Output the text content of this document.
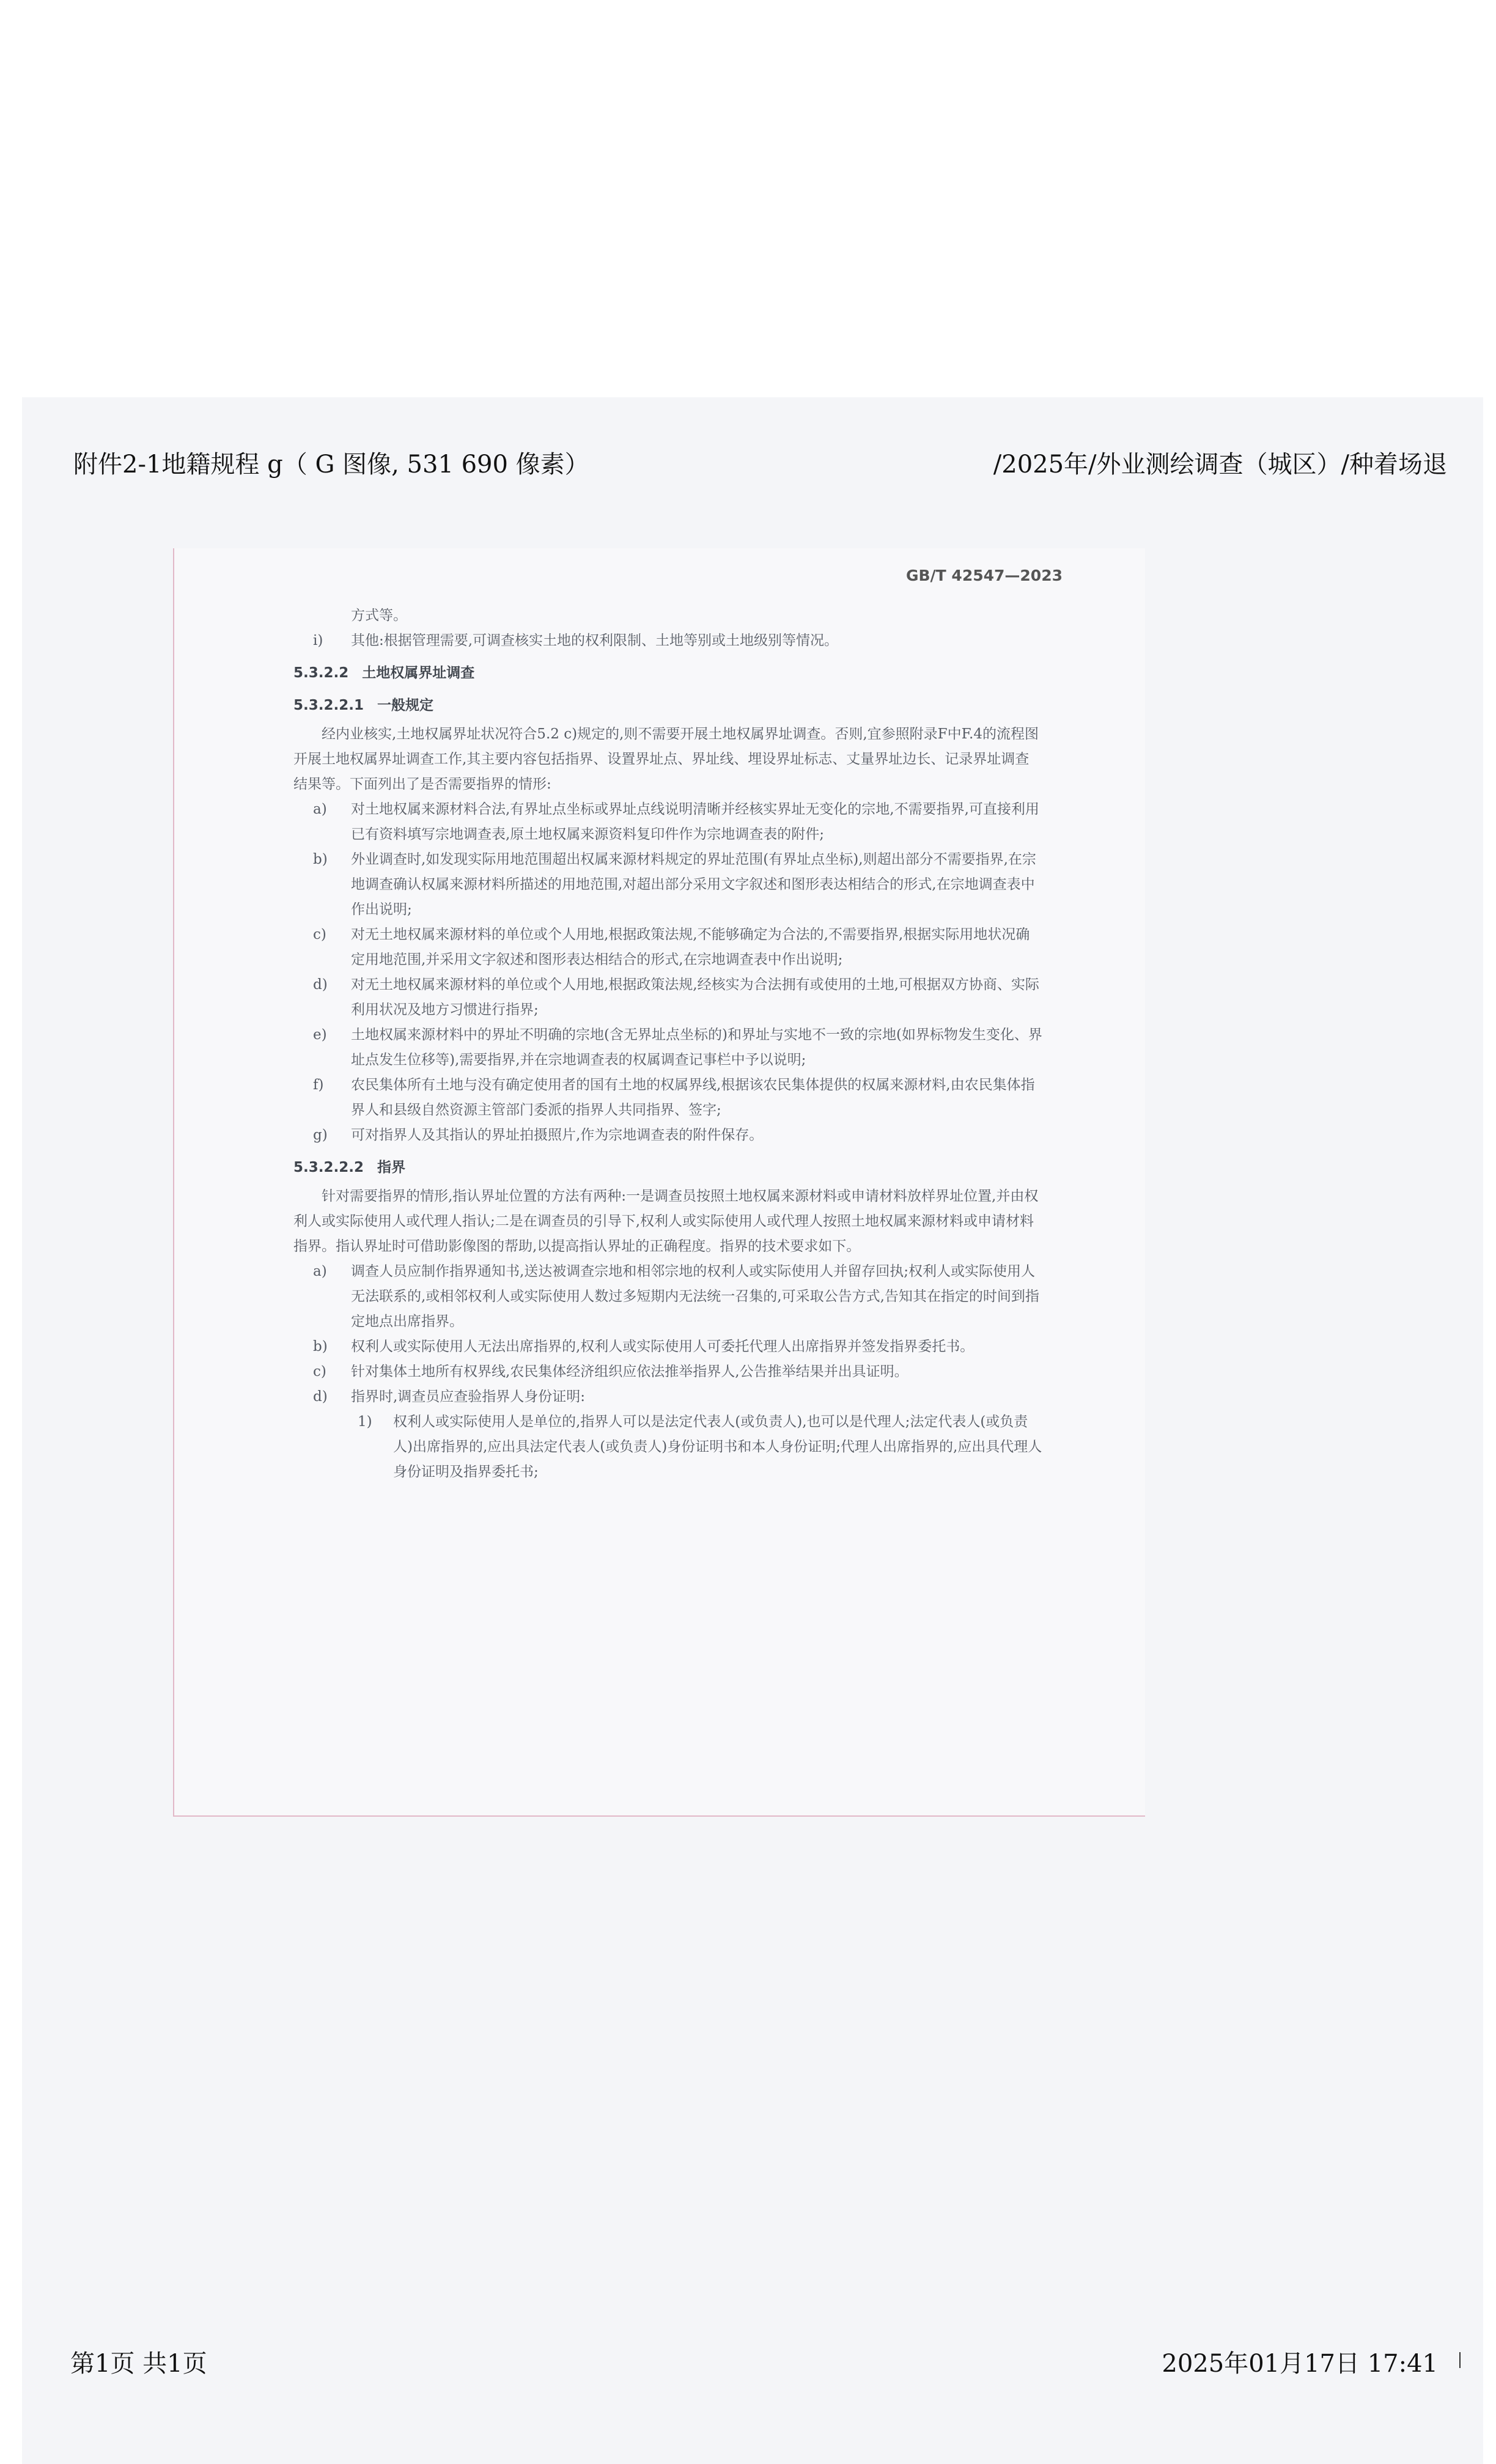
附件2-1地籍规程 g（ G 图像, 531 690 像素）	/2025年/外业测绘调查（城区）/种着场退
GB/T 42547—2023

方式等。

i)	其他:根据管理需要,可调查核实土地的权利限制、土地等别或土地级别等情况。

5.3.2.2 土地权属界址调查

5.3.2.2.1 一般规定

经内业核实,土地权属界址状况符合5.2 c)规定的,则不需要开展土地权属界址调查。否则,宜参照附录F中F.4的流程图开展土地权属界址调查工作,其主要内容包括指界、设置界址点、界址线、埋设界址标志、丈量界址边长、记录界址调查结果等。下面列出了是否需要指界的情形:

a)	对土地权属来源材料合法,有界址点坐标或界址点线说明清晰并经核实界址无变化的宗地,不需要指界,可直接利用已有资料填写宗地调查表,原土地权属来源资料复印件作为宗地调查表的附件;
b)	外业调查时,如发现实际用地范围超出权属来源材料规定的界址范围(有界址点坐标),则超出部分不需要指界,在宗地调查确认权属来源材料所描述的用地范围,对超出部分采用文字叙述和图形表达相结合的形式,在宗地调查表中作出说明;
c)	对无土地权属来源材料的单位或个人用地,根据政策法规,不能够确定为合法的,不需要指界,根据实际用地状况确定用地范围,并采用文字叙述和图形表达相结合的形式,在宗地调查表中作出说明;
d)	对无土地权属来源材料的单位或个人用地,根据政策法规,经核实为合法拥有或使用的土地,可根据双方协商、实际利用状况及地方习惯进行指界;
e)	土地权属来源材料中的界址不明确的宗地(含无界址点坐标的)和界址与实地不一致的宗地(如界标物发生变化、界址点发生位移等),需要指界,并在宗地调查表的权属调查记事栏中予以说明;
f)	农民集体所有土地与没有确定使用者的国有土地的权属界线,根据该农民集体提供的权属来源材料,由农民集体指界人和县级自然资源主管部门委派的指界人共同指界、签字;
g)	可对指界人及其指认的界址拍摄照片,作为宗地调查表的附件保存。

5.3.2.2.2 指界

针对需要指界的情形,指认界址位置的方法有两种:一是调查员按照土地权属来源材料或申请材料放样界址位置,并由权利人或实际使用人或代理人指认;二是在调查员的引导下,权利人或实际使用人或代理人按照土地权属来源材料或申请材料指界。指认界址时可借助影像图的帮助,以提高指认界址的正确程度。指界的技术要求如下。

a)	调查人员应制作指界通知书,送达被调查宗地和相邻宗地的权利人或实际使用人并留存回执;权利人或实际使用人无法联系的,或相邻权利人或实际使用人数过多短期内无法统一召集的,可采取公告方式,告知其在指定的时间到指定地点出席指界。
b)	权利人或实际使用人无法出席指界的,权利人或实际使用人可委托代理人出席指界并签发指界委托书。
c)	针对集体土地所有权界线,农民集体经济组织应依法推举指界人,公告推举结果并出具证明。
d)	指界时,调查员应查验指界人身份证明:
1)	权利人或实际使用人是单位的,指界人可以是法定代表人(或负责人),也可以是代理人;法定代表人(或负责人)出席指界的,应出具法定代表人(或负责人)身份证明书和本人身份证明;代理人出席指界的,应出具代理人身份证明及指界委托书;
第1页 共1页	2025年01月17日 17:41
